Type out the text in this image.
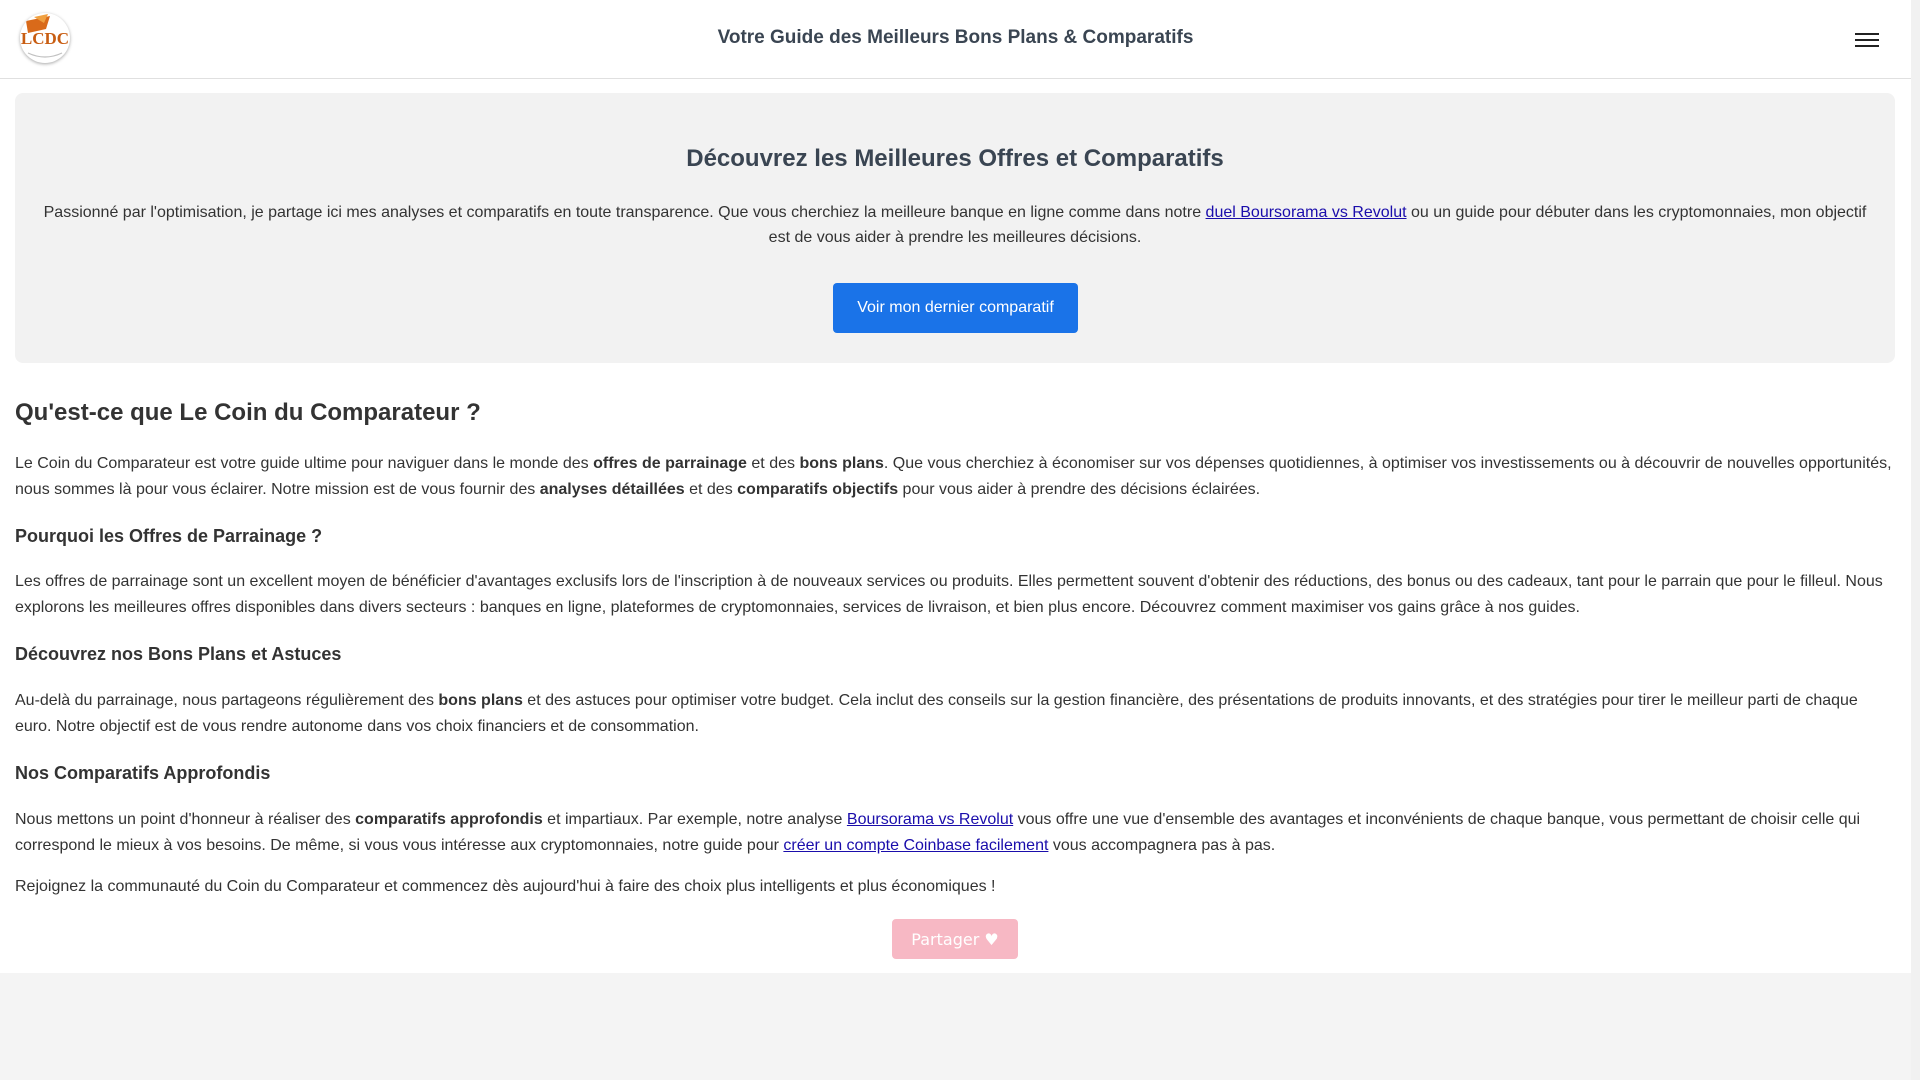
LCDC	Votre Guide des Meilleurs Bons Plans & Comparatifs
Découvrez les Meilleures Offres et Comparatifs

Passionné par l'optimisation, je partage ici mes analyses et comparatifs en toute transparence. Que vous cherchiez la meilleure banque en ligne comme dans notre duel Boursorama vs Revolut ou un guide pour débuter dans les cryptomonnaies, mon objectif est de vous aider à prendre les meilleures décisions.

Voir mon dernier comparatif
Qu'est-ce que Le Coin du Comparateur ?

Le Coin du Comparateur est votre guide ultime pour naviguer dans le monde des offres de parrainage et des bons plans. Que vous cherchiez à économiser sur vos dépenses quotidiennes, à optimiser vos investissements ou à découvrir de nouvelles opportunités, nous sommes là pour vous éclairer. Notre mission est de vous fournir des analyses détaillées et des comparatifs objectifs pour vous aider à prendre des décisions éclairées.

Pourquoi les Offres de Parrainage ?

Les offres de parrainage sont un excellent moyen de bénéficier d'avantages exclusifs lors de l'inscription à de nouveaux services ou produits. Elles permettent souvent d'obtenir des réductions, des bonus ou des cadeaux, tant pour le parrain que pour le filleul. Nous explorons les meilleures offres disponibles dans divers secteurs : banques en ligne, plateformes de cryptomonnaies, services de livraison, et bien plus encore. Découvrez comment maximiser vos gains grâce à nos guides.

Découvrez nos Bons Plans et Astuces

Au-delà du parrainage, nous partageons régulièrement des bons plans et des astuces pour optimiser votre budget. Cela inclut des conseils sur la gestion financière, des présentations de produits innovants, et des stratégies pour tirer le meilleur parti de chaque euro. Notre objectif est de vous rendre autonome dans vos choix financiers et de consommation.

Nos Comparatifs Approfondis

Nous mettons un point d'honneur à réaliser des comparatifs approfondis et impartiaux. Par exemple, notre analyse Boursorama vs Revolut vous offre une vue d'ensemble des avantages et inconvénients de chaque banque, vous permettant de choisir celle qui correspond le mieux à vos besoins. De même, si vous vous intéresse aux cryptomonnaies, notre guide pour créer un compte Coinbase facilement vous accompagnera pas à pas.

Rejoignez la communauté du Coin du Comparateur et commencez dès aujourd'hui à faire des choix plus intelligents et plus économiques !

Partager ♥
